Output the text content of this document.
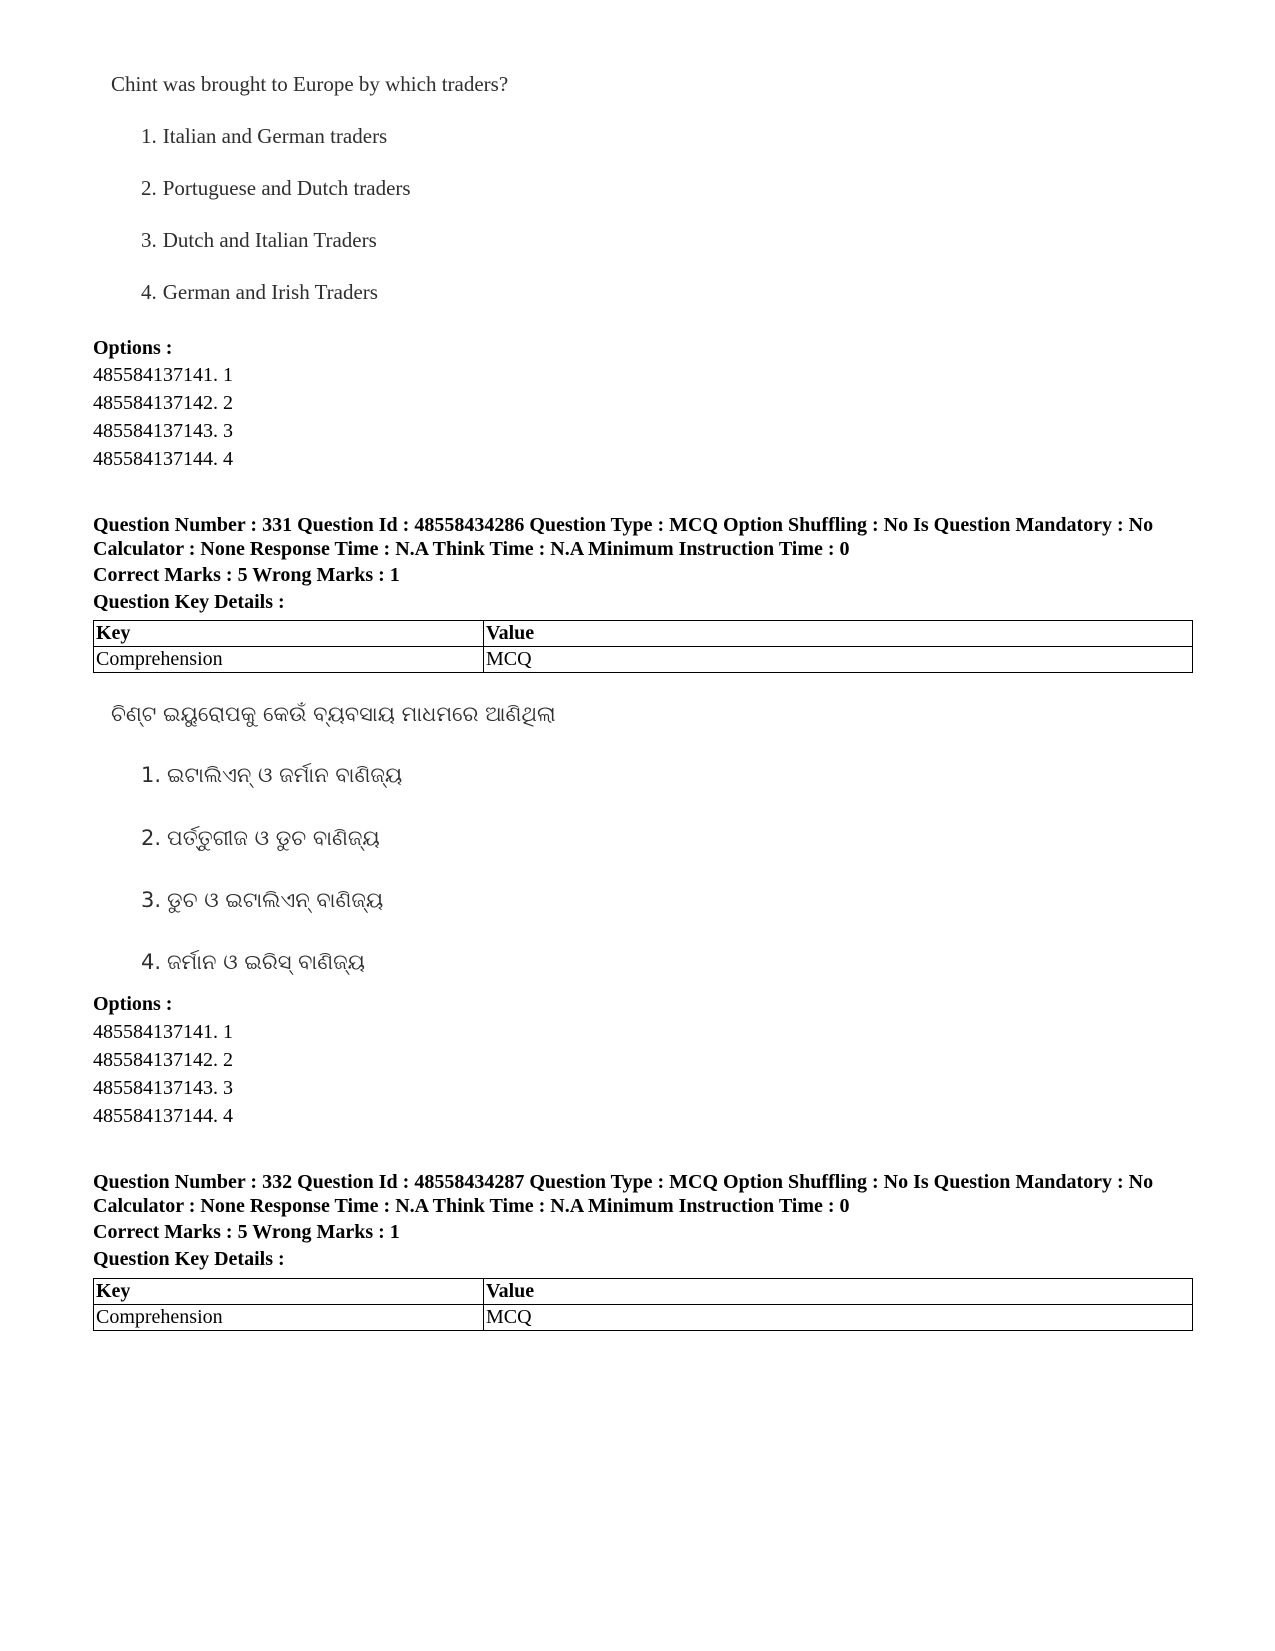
Chint was brought to Europe by which traders?
1. Italian and German traders
2. Portuguese and Dutch traders
3. Dutch and Italian Traders
4. German and Irish Traders
Options :
485584137141. 1
485584137142. 2
485584137143. 3
485584137144. 4
Question Number : 331 Question Id : 48558434286 Question Type : MCQ Option Shuffling : No Is Question Mandatory : No Calculator : None Response Time : N.A Think Time : N.A Minimum Instruction Time : 0
Correct Marks : 5 Wrong Marks : 1
Question Key Details :
Key	Value
Comprehension	MCQ
ଚିଣ୍ଟ ଇୟୁରୋପକୁ କେଉଁ ବ୍ୟବସାୟ ମାଧମରେ ଆଣିଥିଲା
1. ଇଟାଲିଏନ୍ ଓ ଜର୍ମାନ ବାଣିଜ୍ୟ
2. ପର୍ତ୍ତୁଗୀଜ ଓ ଡୁଚ ବାଣିଜ୍ୟ
3. ଡୁଚ ଓ ଇଟାଲିଏନ୍ ବାଣିଜ୍ୟ
4. ଜର୍ମାନ ଓ ଇରିସ୍ ବାଣିଜ୍ୟ
Options :
485584137141. 1
485584137142. 2
485584137143. 3
485584137144. 4
Question Number : 332 Question Id : 48558434287 Question Type : MCQ Option Shuffling : No Is Question Mandatory : No Calculator : None Response Time : N.A Think Time : N.A Minimum Instruction Time : 0
Correct Marks : 5 Wrong Marks : 1
Question Key Details :
Key	Value
Comprehension	MCQ
